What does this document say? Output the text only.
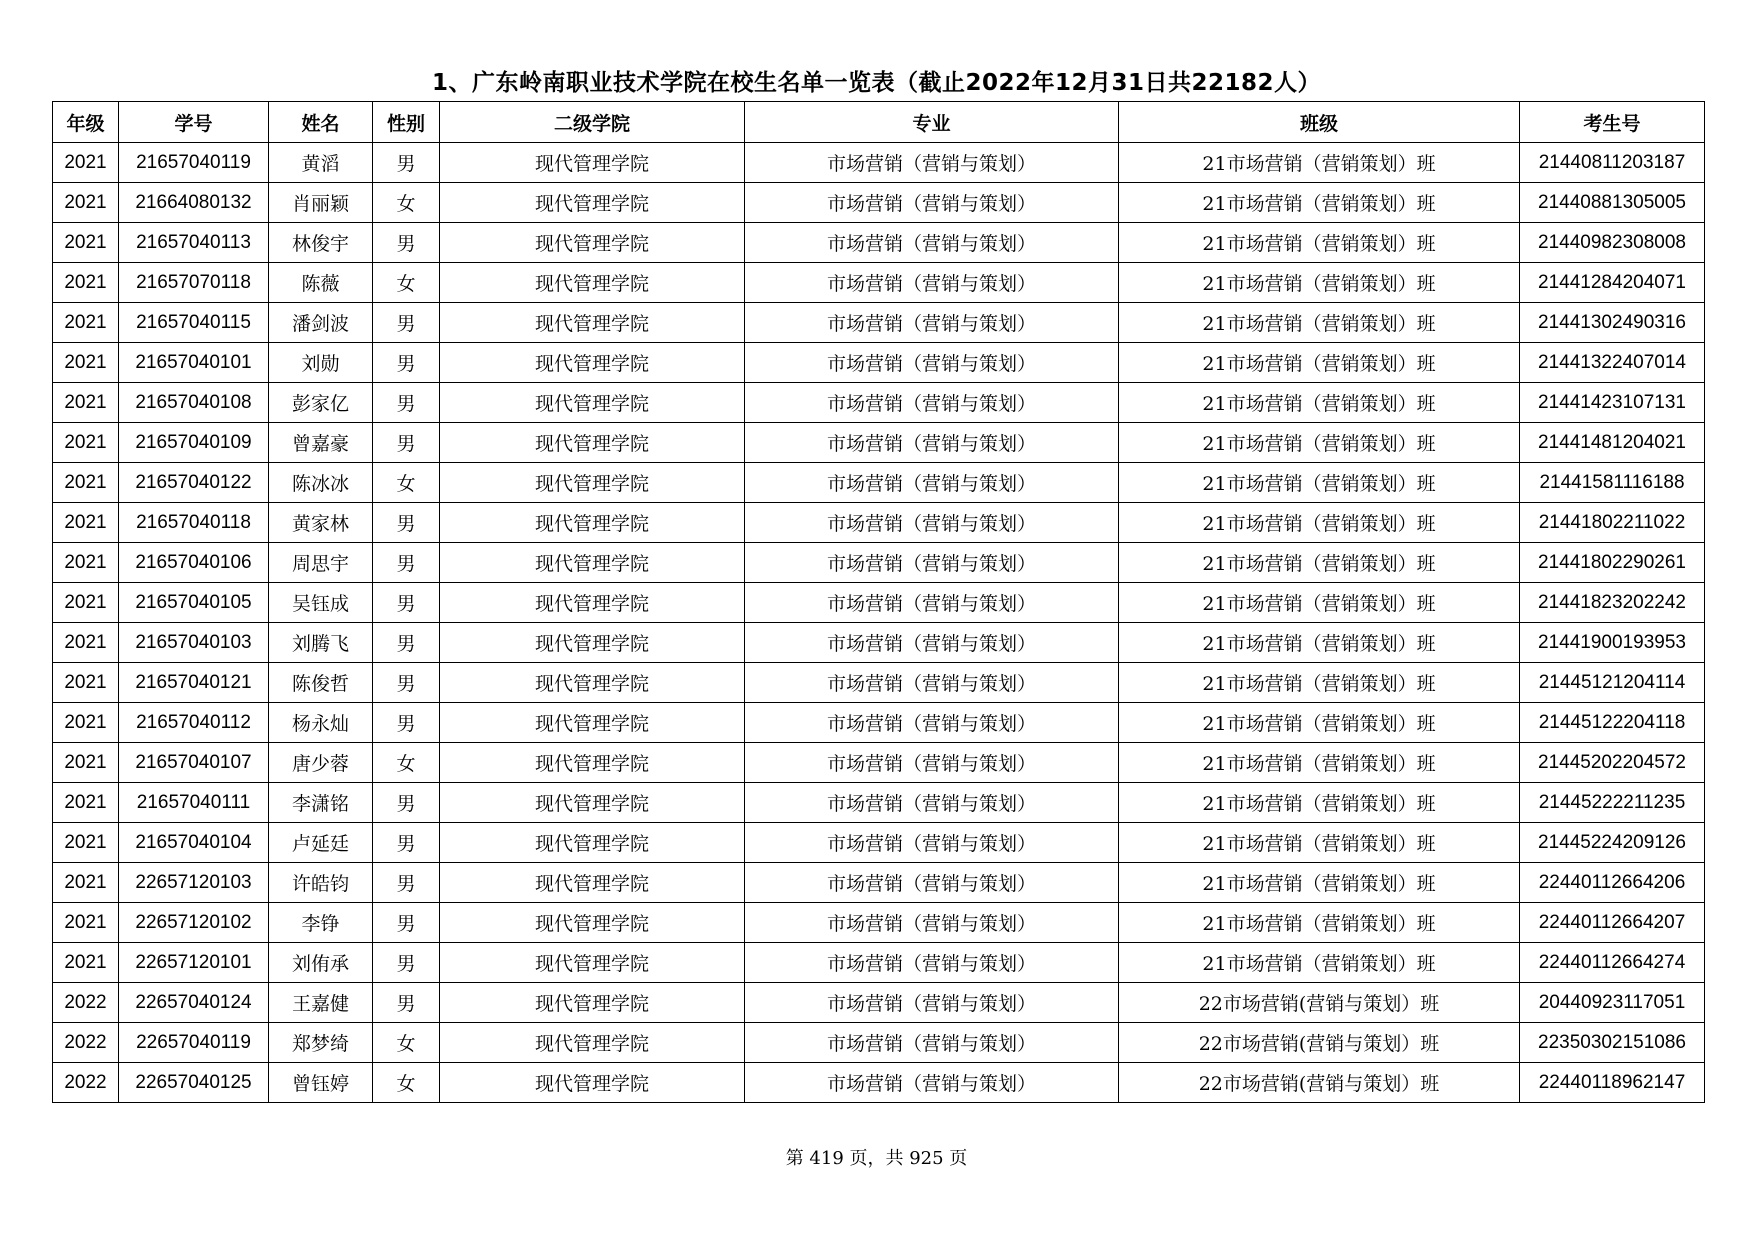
1、广东岭南职业技术学院在校生名单一览表（截止2022年12月31日共22182人）
年级	学号	姓名	性别	二级学院	专业	班级	考生号
2021	21657040119	黄滔	男	现代管理学院	市场营销（营销与策划）	21市场营销（营销策划）班	21440811203187
2021	21664080132	肖丽颖	女	现代管理学院	市场营销（营销与策划）	21市场营销（营销策划）班	21440881305005
2021	21657040113	林俊宇	男	现代管理学院	市场营销（营销与策划）	21市场营销（营销策划）班	21440982308008
2021	21657070118	陈薇	女	现代管理学院	市场营销（营销与策划）	21市场营销（营销策划）班	21441284204071
2021	21657040115	潘剑波	男	现代管理学院	市场营销（营销与策划）	21市场营销（营销策划）班	21441302490316
2021	21657040101	刘勋	男	现代管理学院	市场营销（营销与策划）	21市场营销（营销策划）班	21441322407014
2021	21657040108	彭家亿	男	现代管理学院	市场营销（营销与策划）	21市场营销（营销策划）班	21441423107131
2021	21657040109	曾嘉豪	男	现代管理学院	市场营销（营销与策划）	21市场营销（营销策划）班	21441481204021
2021	21657040122	陈冰冰	女	现代管理学院	市场营销（营销与策划）	21市场营销（营销策划）班	21441581116188
2021	21657040118	黄家林	男	现代管理学院	市场营销（营销与策划）	21市场营销（营销策划）班	21441802211022
2021	21657040106	周思宇	男	现代管理学院	市场营销（营销与策划）	21市场营销（营销策划）班	21441802290261
2021	21657040105	吴钰成	男	现代管理学院	市场营销（营销与策划）	21市场营销（营销策划）班	21441823202242
2021	21657040103	刘腾飞	男	现代管理学院	市场营销（营销与策划）	21市场营销（营销策划）班	21441900193953
2021	21657040121	陈俊哲	男	现代管理学院	市场营销（营销与策划）	21市场营销（营销策划）班	21445121204114
2021	21657040112	杨永灿	男	现代管理学院	市场营销（营销与策划）	21市场营销（营销策划）班	21445122204118
2021	21657040107	唐少蓉	女	现代管理学院	市场营销（营销与策划）	21市场营销（营销策划）班	21445202204572
2021	21657040111	李潇铭	男	现代管理学院	市场营销（营销与策划）	21市场营销（营销策划）班	21445222211235
2021	21657040104	卢延廷	男	现代管理学院	市场营销（营销与策划）	21市场营销（营销策划）班	21445224209126
2021	22657120103	许皓钧	男	现代管理学院	市场营销（营销与策划）	21市场营销（营销策划）班	22440112664206
2021	22657120102	李铮	男	现代管理学院	市场营销（营销与策划）	21市场营销（营销策划）班	22440112664207
2021	22657120101	刘侑承	男	现代管理学院	市场营销（营销与策划）	21市场营销（营销策划）班	22440112664274
2022	22657040124	王嘉健	男	现代管理学院	市场营销（营销与策划）	22市场营销(营销与策划）班	20440923117051
2022	22657040119	郑梦绮	女	现代管理学院	市场营销（营销与策划）	22市场营销(营销与策划）班	22350302151086
2022	22657040125	曾钰婷	女	现代管理学院	市场营销（营销与策划）	22市场营销(营销与策划）班	22440118962147
第 419 页，共 925 页
